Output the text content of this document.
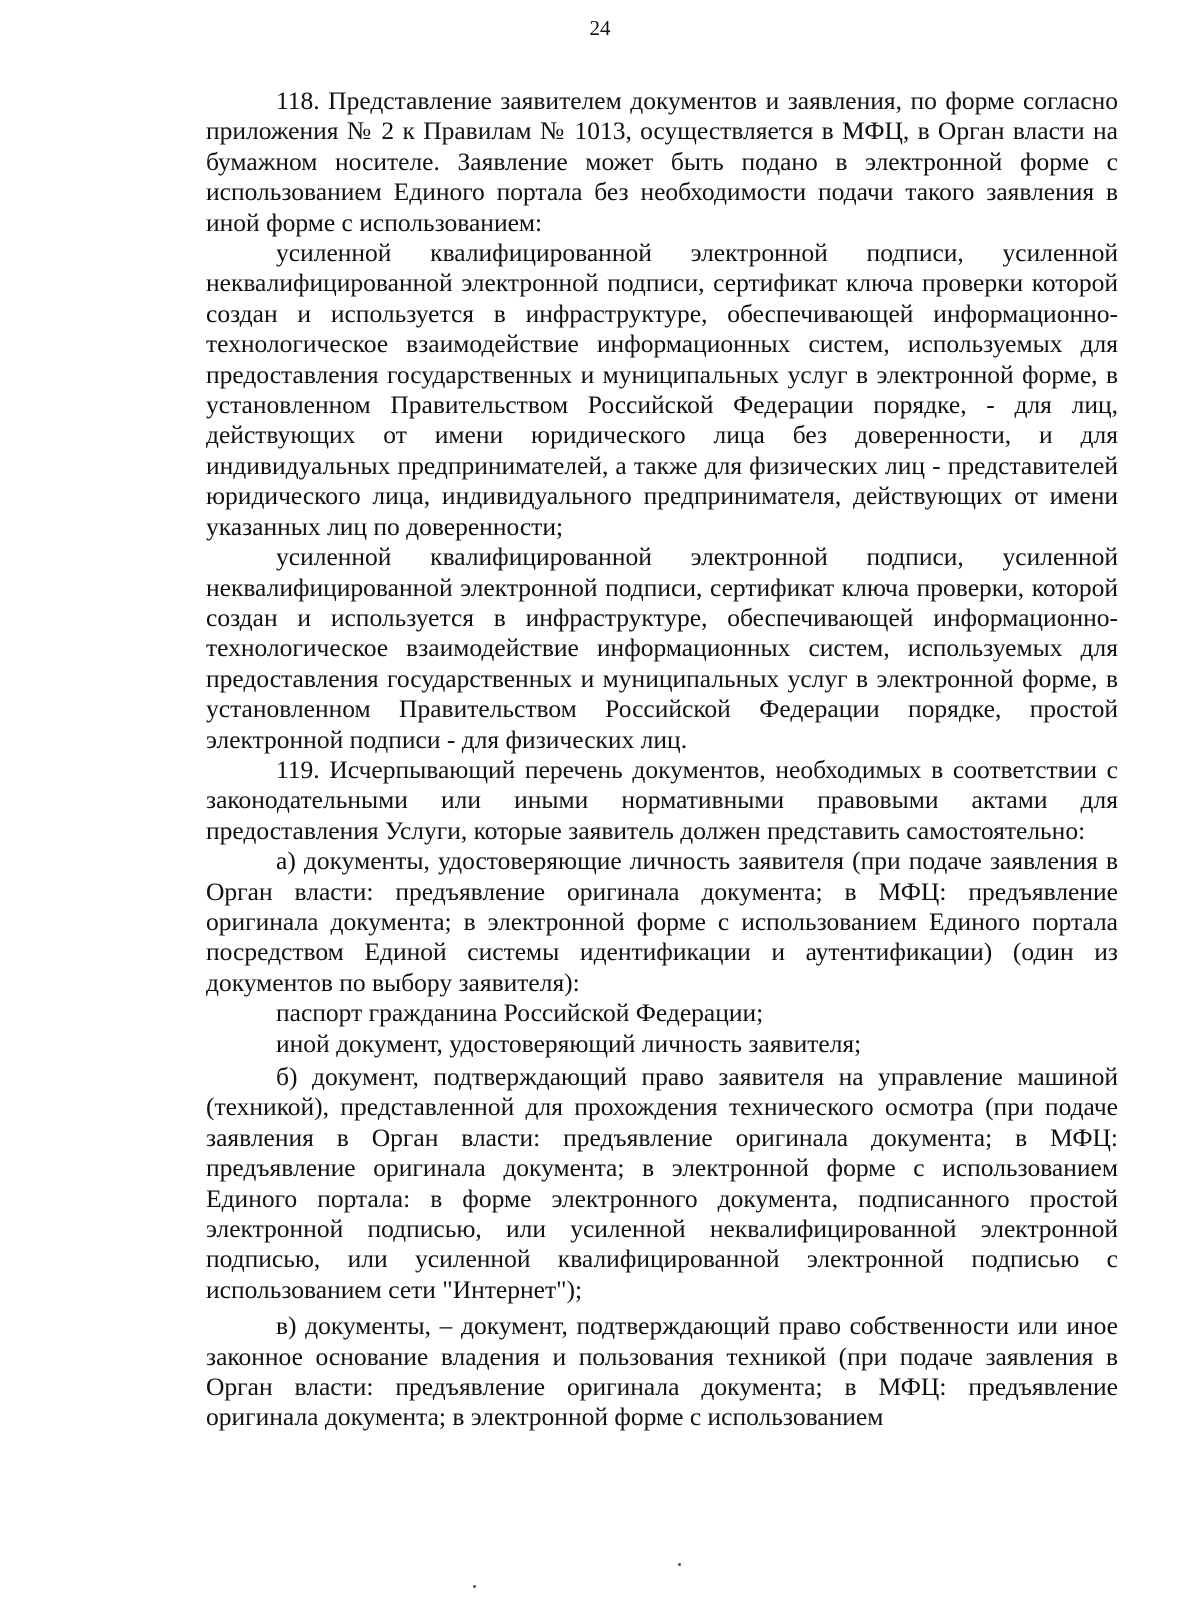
24

118. Представление заявителем документов и заявления, по форме согласно приложения № 2 к Правилам № 1013, осуществляется в МФЦ, в Орган власти на бумажном носителе. Заявление может быть подано в электронной форме с использованием Единого портала без необходимости подачи такого заявления в иной форме с использованием:

усиленной квалифицированной электронной подписи, усиленной неквалифицированной электронной подписи, сертификат ключа проверки которой создан и используется в инфраструктуре, обеспечивающей информационно-технологическое взаимодействие информационных систем, используемых для предоставления государственных и муниципальных услуг в электронной форме, в установленном Правительством Российской Федерации порядке, - для лиц, действующих от имени юридического лица без доверенности, и для индивидуальных предпринимателей, а также для физических лиц - представителей юридического лица, индивидуального предпринимателя, действующих от имени указанных лиц по доверенности;

усиленной квалифицированной электронной подписи, усиленной неквалифицированной электронной подписи, сертификат ключа проверки, которой создан и используется в инфраструктуре, обеспечивающей информационно-технологическое взаимодействие информационных систем, используемых для предоставления государственных и муниципальных услуг в электронной форме, в установленном Правительством Российской Федерации порядке, простой электронной подписи - для физических лиц.

119. Исчерпывающий перечень документов, необходимых в соответствии с законодательными или иными нормативными правовыми актами для предоставления Услуги, которые заявитель должен представить самостоятельно:

а) документы, удостоверяющие личность заявителя (при подаче заявления в Орган власти: предъявление оригинала документа; в МФЦ: предъявление оригинала документа; в электронной форме с использованием Единого портала посредством Единой системы идентификации и аутентификации) (один из документов по выбору заявителя):

паспорт гражданина Российской Федерации;

иной документ, удостоверяющий личность заявителя;

б) документ, подтверждающий право заявителя на управление машиной (техникой), представленной для прохождения технического осмотра (при подаче заявления в Орган власти: предъявление оригинала документа; в МФЦ: предъявление оригинала документа; в электронной форме с использованием Единого портала: в форме электронного документа, подписанного простой электронной подписью, или усиленной неквалифицированной электронной подписью, или усиленной квалифицированной электронной подписью с использованием сети "Интернет");

в) документы, – документ, подтверждающий право собственности или иное законное основание владения и пользования техникой (при подаче заявления в Орган власти: предъявление оригинала документа; в МФЦ: предъявление оригинала документа; в электронной форме с использованием
